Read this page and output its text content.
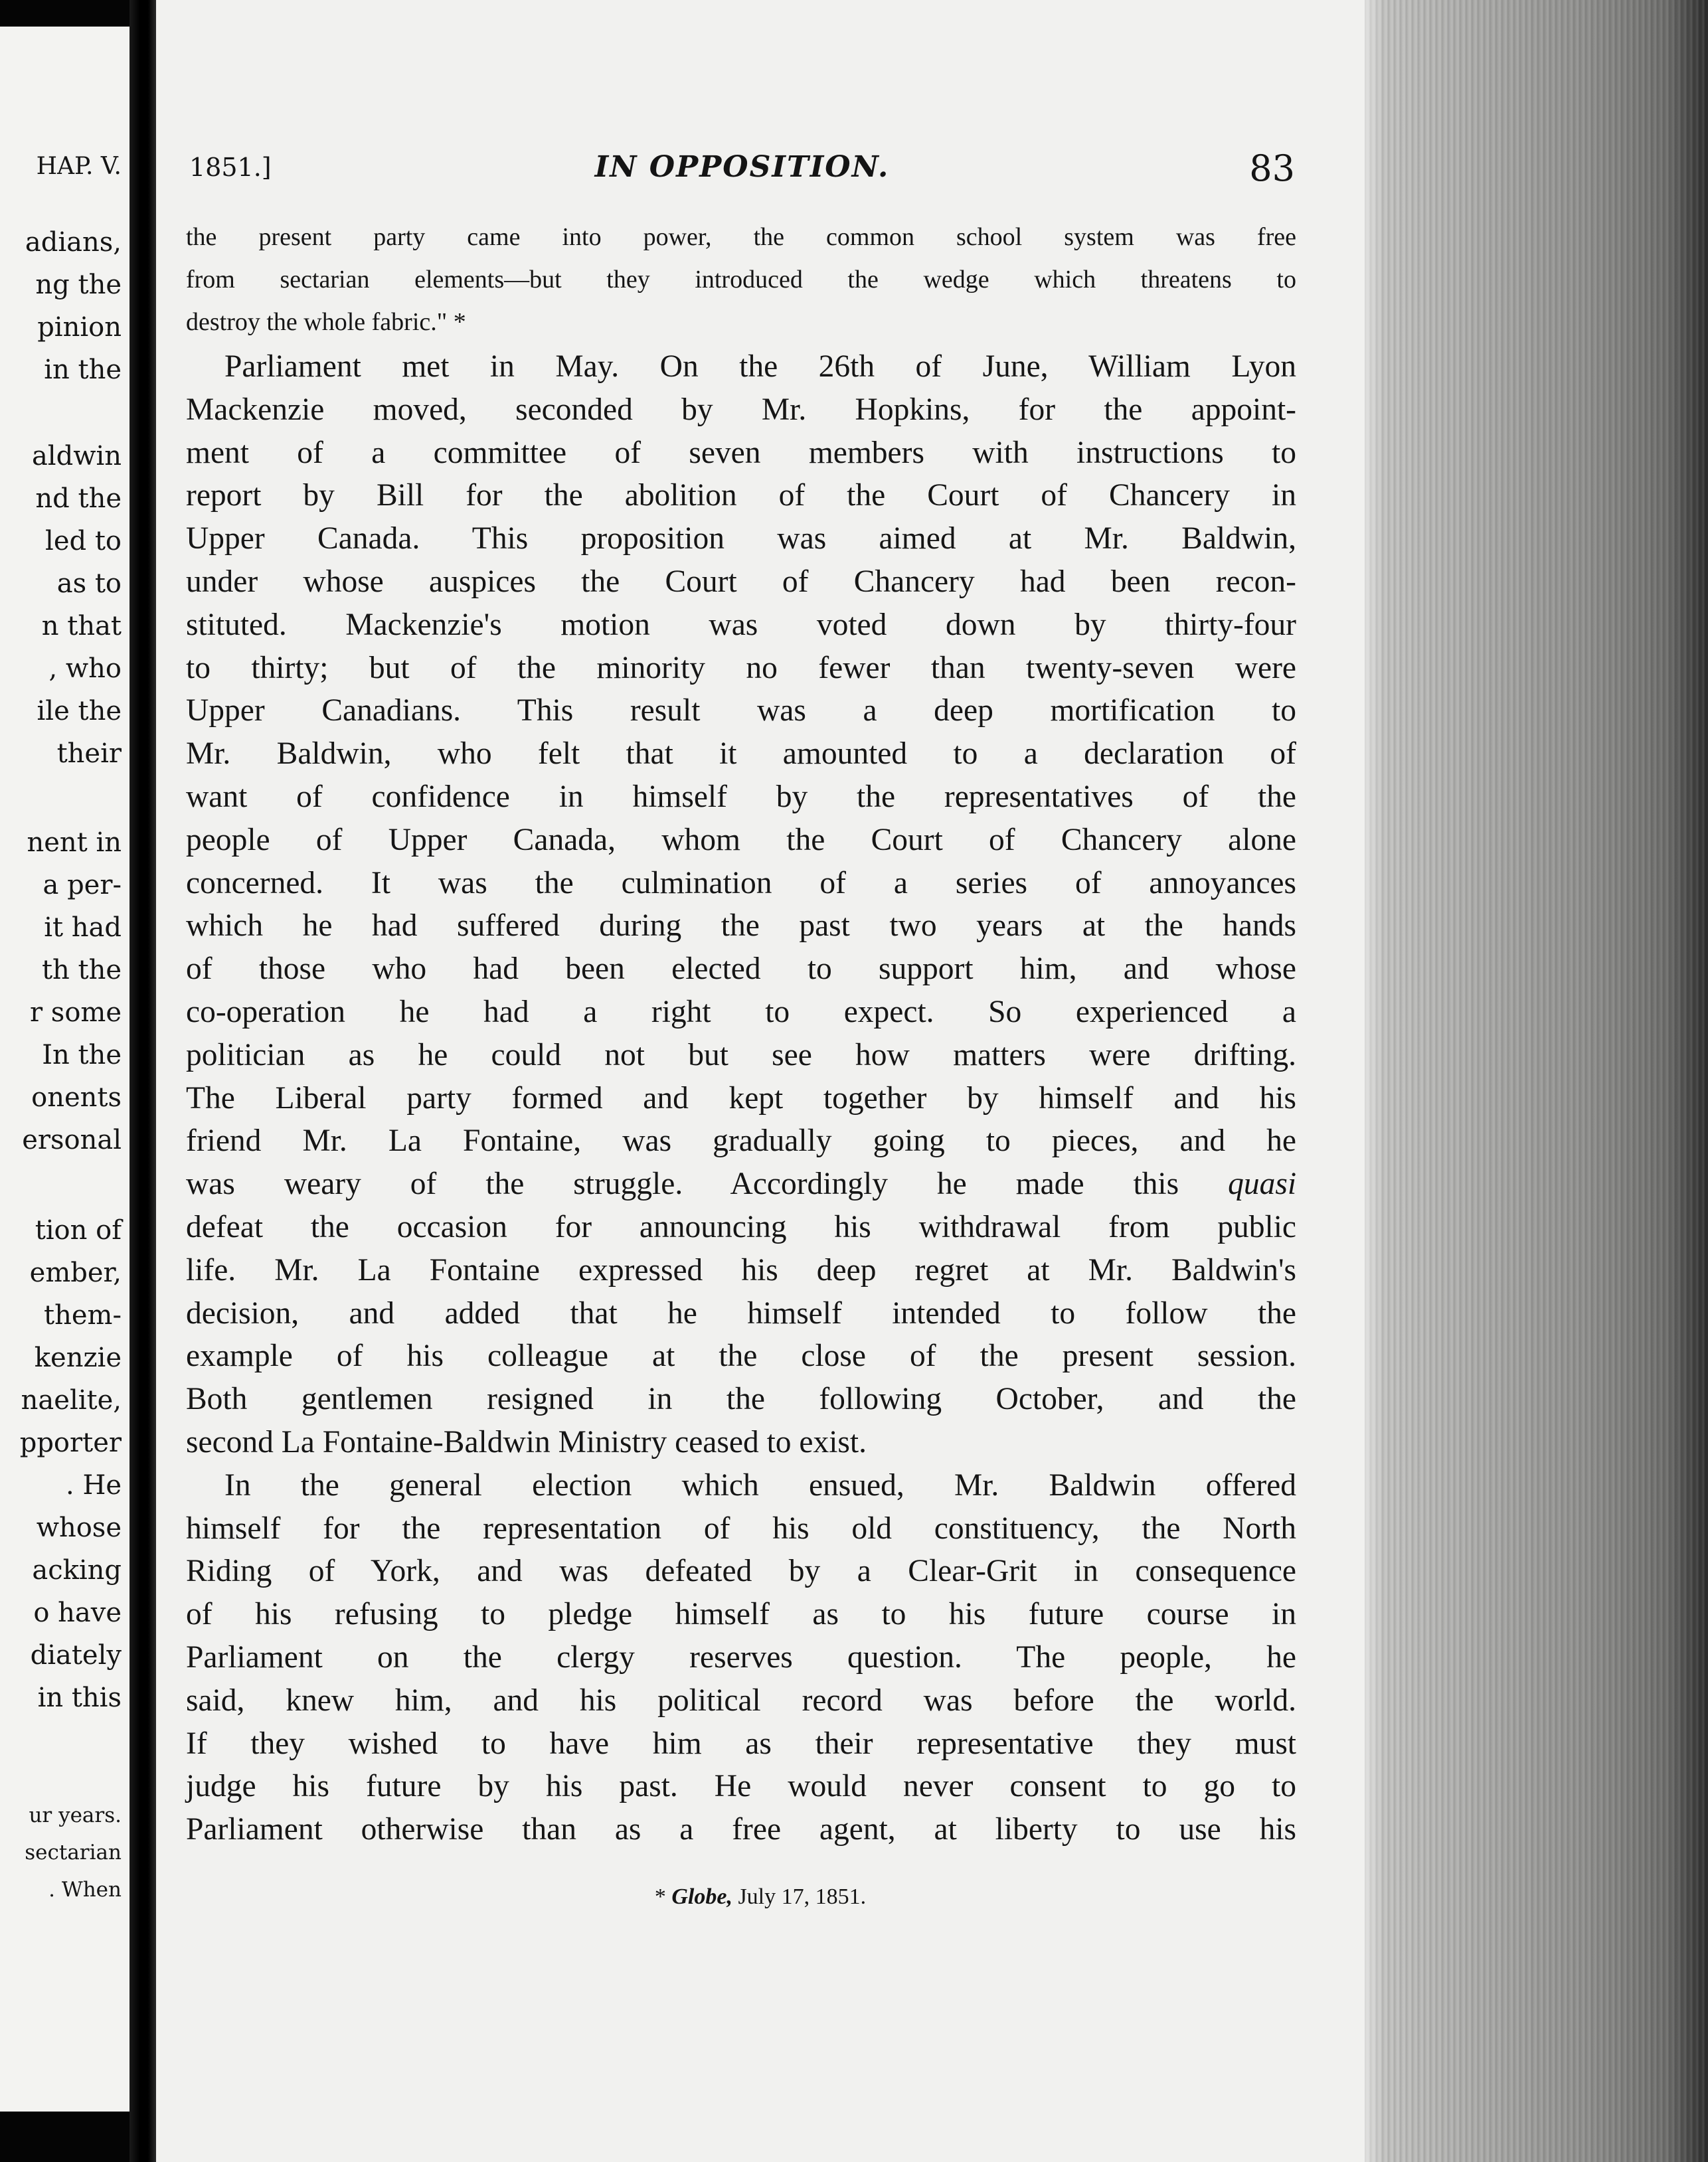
HAP. V.
adians,
ng the
pinion
in the
aldwin
nd the
led to
as to
n that
, who
ile the
their
nent in
a per-
it had
th the
r some
In the
onents
ersonal
tion of
ember,
them-
kenzie
naelite,
pporter
. He
whose
acking
o have
diately
in this
ur years.
sectarian
. When
1851.]	IN OPPOSITION.	83
the present party came into power, the common school system was free
from sectarian elements—but they introduced the wedge which threatens to
destroy the whole fabric." *
Parliament met in May. On the 26th of June, William Lyon
Mackenzie moved, seconded by Mr. Hopkins, for the appoint-
ment of a committee of seven members with instructions to
report by Bill for the abolition of the Court of Chancery in
Upper Canada. This proposition was aimed at Mr. Baldwin,
under whose auspices the Court of Chancery had been recon-
stituted. Mackenzie's motion was voted down by thirty-four
to thirty; but of the minority no fewer than twenty-seven were
Upper Canadians. This result was a deep mortification to
Mr. Baldwin, who felt that it amounted to a declaration of
want of confidence in himself by the representatives of the
people of Upper Canada, whom the Court of Chancery alone
concerned. It was the culmination of a series of annoyances
which he had suffered during the past two years at the hands
of those who had been elected to support him, and whose
co-operation he had a right to expect. So experienced a
politician as he could not but see how matters were drifting.
The Liberal party formed and kept together by himself and his
friend Mr. La Fontaine, was gradually going to pieces, and he
was weary of the struggle. Accordingly he made this quasi
defeat the occasion for announcing his withdrawal from public
life. Mr. La Fontaine expressed his deep regret at Mr. Baldwin's
decision, and added that he himself intended to follow the
example of his colleague at the close of the present session.
Both gentlemen resigned in the following October, and the
second La Fontaine-Baldwin Ministry ceased to exist.
In the general election which ensued, Mr. Baldwin offered
himself for the representation of his old constituency, the North
Riding of York, and was defeated by a Clear-Grit in consequence
of his refusing to pledge himself as to his future course in
Parliament on the clergy reserves question. The people, he
said, knew him, and his political record was before the world.
If they wished to have him as their representative they must
judge his future by his past. He would never consent to go to
Parliament otherwise than as a free agent, at liberty to use his
* Globe, July 17, 1851.
